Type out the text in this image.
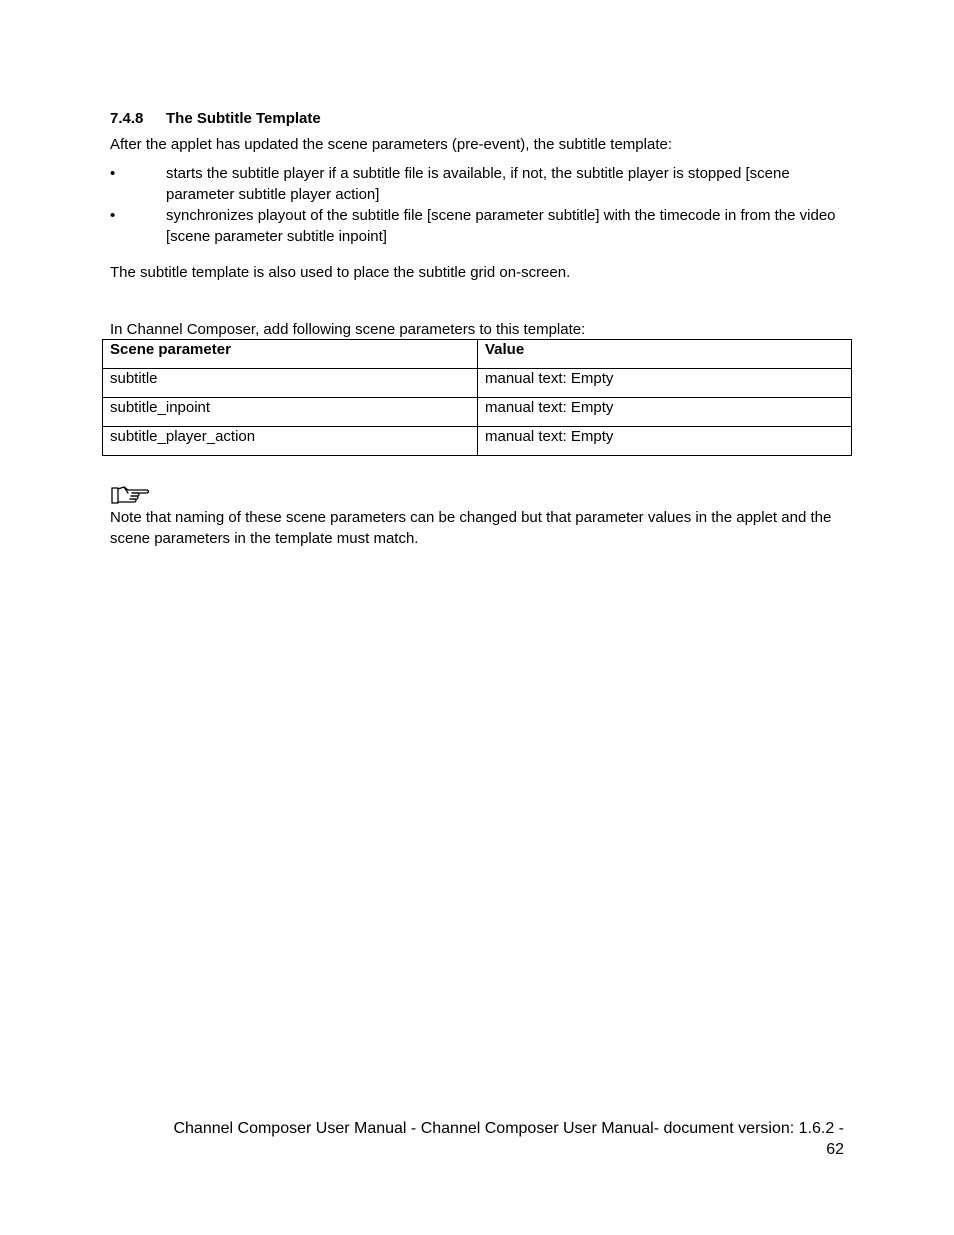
7.4.8 The Subtitle Template
After the applet has updated the scene parameters (pre-event), the subtitle template:
•	starts the subtitle player if a subtitle file is available, if not, the subtitle player is stopped [scene parameter subtitle player action]
•	synchronizes playout of the subtitle file [scene parameter subtitle] with the timecode in from the video [scene parameter subtitle inpoint]
The subtitle template is also used to place the subtitle grid on-screen.
In Channel Composer, add following scene parameters to this template:
Scene parameter	Value
subtitle	manual text: Empty
subtitle_inpoint	manual text: Empty
subtitle_player_action	manual text: Empty
Note that naming of these scene parameters can be changed but that parameter values in the applet and the scene parameters in the template must match.
Channel Composer User Manual - Channel Composer User Manual- document version: 1.6.2 - 62
